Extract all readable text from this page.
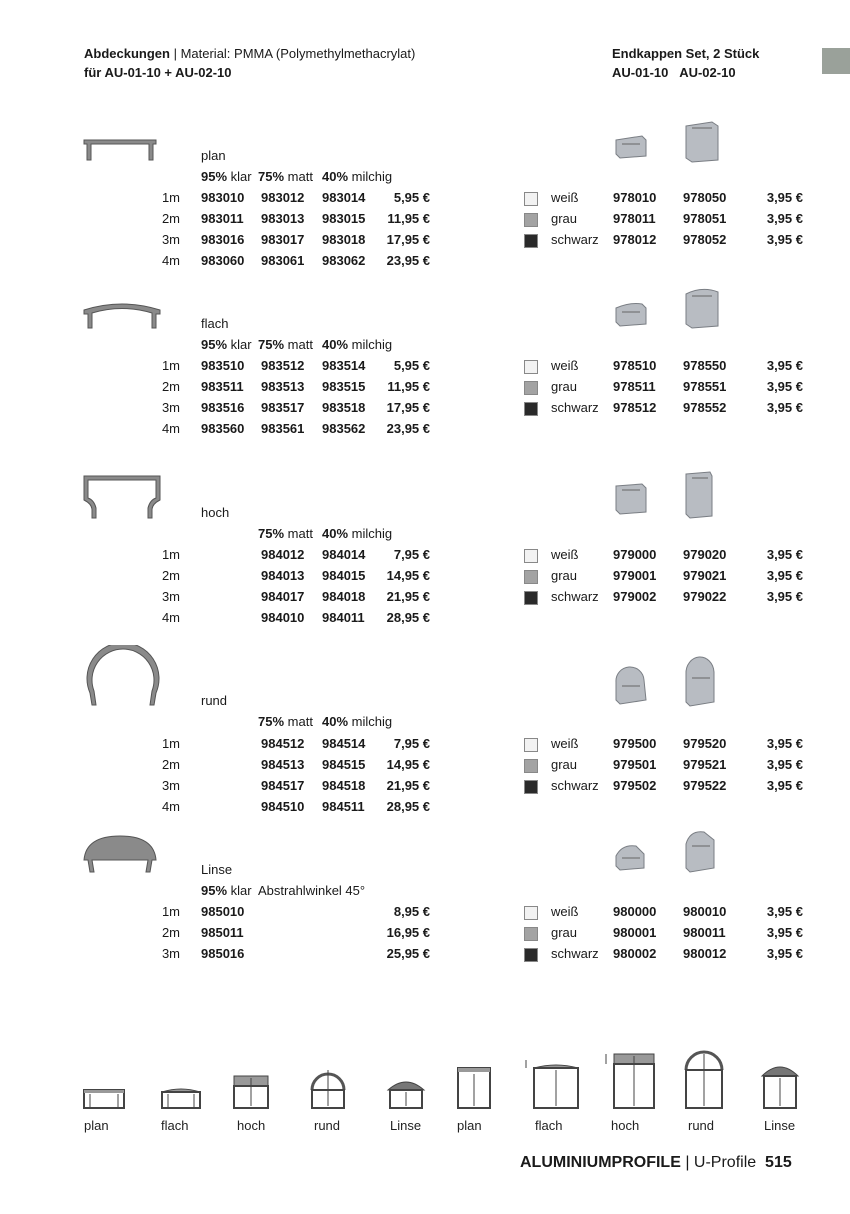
Abdeckungen | Material: PMMA (Polymethylmethacrylat)
für AU-01-10 + AU-02-10
Endkappen Set, 2 Stück
AU-01-10 AU-02-10
plan
95% klar 75% matt 40% milchig
1m 983010 983012 983014	5,95 €	weiß	978010 978050	3,95 €
2m 983011 983013 983015	11,95 €	grau	978011 978051	3,95 €
3m 983016 983017 983018	17,95 €	schwarz 978012 978052	3,95 €
4m 983060 983061 983062	23,95 €
flach
95% klar 75% matt 40% milchig
1m 983510 983512 983514	5,95 €	weiß	978510 978550	3,95 €
2m 983511 983513 983515	11,95 €	grau	978511 978551	3,95 €
3m 983516 983517 983518	17,95 €	schwarz 978512 978552	3,95 €
4m 983560 983561 983562	23,95 €
hoch
75% matt 40% milchig
1m	984012 984014	7,95 €	weiß	979000 979020	3,95 €
2m	984013 984015	14,95 €	grau	979001 979021	3,95 €
3m	984017 984018	21,95 €	schwarz 979002 979022	3,95 €
4m	984010 984011	28,95 €
rund
75% matt 40% milchig
1m	984512 984514	7,95 €	weiß	979500 979520	3,95 €
2m	984513 984515	14,95 €	grau	979501 979521	3,95 €
3m	984517 984518	21,95 €	schwarz 979502 979522	3,95 €
4m	984510 984511	28,95 €
Linse
95% klar Abstrahlwinkel 45°
1m 985010	8,95 €	weiß	980000 980010	3,95 €
2m 985011	16,95 €	grau	980001 980011	3,95 €
3m 985016	25,95 €	schwarz 980002 980012	3,95 €
plan	flach	hoch	rund	Linse	plan	flach	hoch	rund	Linse
ALUMINIUMPROFILE | U-Profile 515
